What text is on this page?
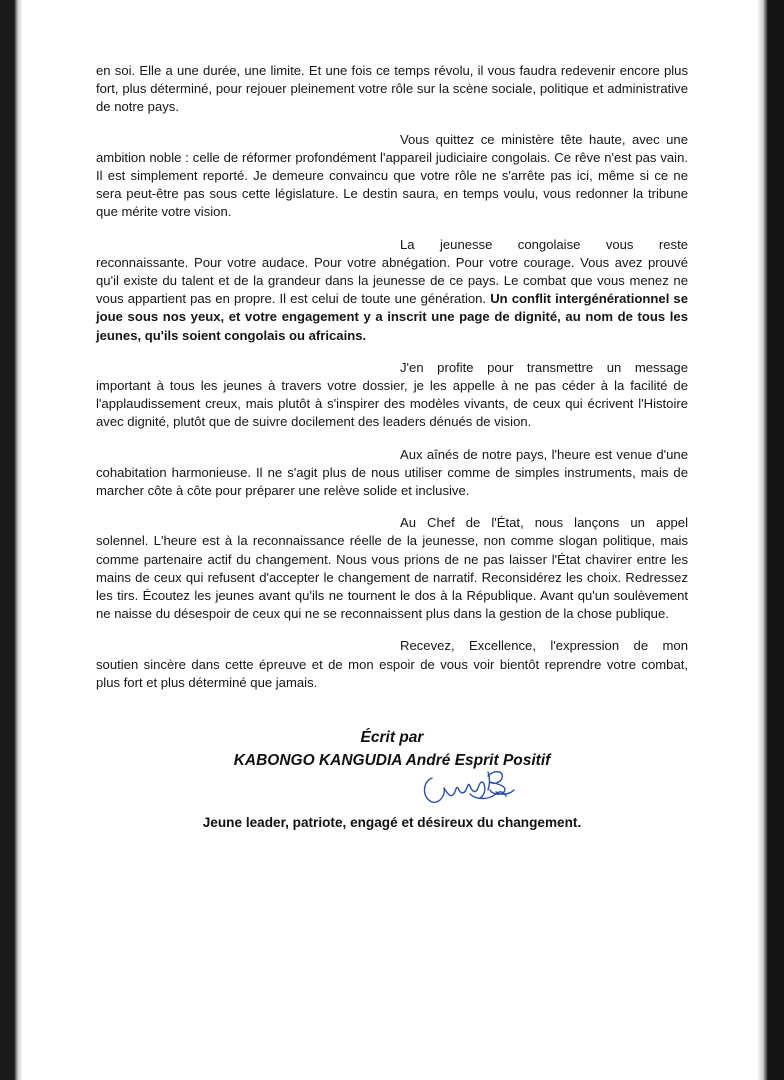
en soi. Elle a une durée, une limite. Et une fois ce temps révolu, il vous faudra redevenir encore plus fort, plus déterminé, pour rejouer pleinement votre rôle sur la scène sociale, politique et administrative de notre pays.

Vous quittez ce ministère tête haute, avec une ambition noble : celle de réformer profondément l'appareil judiciaire congolais. Ce rêve n'est pas vain. Il est simplement reporté. Je demeure convaincu que votre rôle ne s'arrête pas ici, même si ce ne sera peut-être pas sous cette législature. Le destin saura, en temps voulu, vous redonner la tribune que mérite votre vision.

La jeunesse congolaise vous reste reconnaissante. Pour votre audace. Pour votre abnégation. Pour votre courage. Vous avez prouvé qu'il existe du talent et de la grandeur dans la jeunesse de ce pays. Le combat que vous menez ne vous appartient pas en propre. Il est celui de toute une génération. Un conflit intergénérationnel se joue sous nos yeux, et votre engagement y a inscrit une page de dignité, au nom de tous les jeunes, qu'ils soient congolais ou africains.

J'en profite pour transmettre un message important à tous les jeunes à travers votre dossier, je les appelle à ne pas céder à la facilité de l'applaudissement creux, mais plutôt à s'inspirer des modèles vivants, de ceux qui écrivent l'Histoire avec dignité, plutôt que de suivre docilement des leaders dénués de vision.

Aux aînés de notre pays, l'heure est venue d'une cohabitation harmonieuse. Il ne s'agit plus de nous utiliser comme de simples instruments, mais de marcher côte à côte pour préparer une relève solide et inclusive.

Au Chef de l'État, nous lançons un appel solennel. L'heure est à la reconnaissance réelle de la jeunesse, non comme slogan politique, mais comme partenaire actif du changement. Nous vous prions de ne pas laisser l'État chavirer entre les mains de ceux qui refusent d'accepter le changement de narratif. Reconsidérez les choix. Redressez les tirs. Écoutez les jeunes avant qu'ils ne tournent le dos à la République. Avant qu'un soulèvement ne naisse du désespoir de ceux qui ne se reconnaissent plus dans la gestion de la chose publique.

Recevez, Excellence, l'expression de mon soutien sincère dans cette épreuve et de mon espoir de vous voir bientôt reprendre votre combat, plus fort et plus déterminé que jamais.

Écrit par
KABONGO KANGUDIA André Esprit Positif
Jeune leader, patriote, engagé et désireux du changement.
